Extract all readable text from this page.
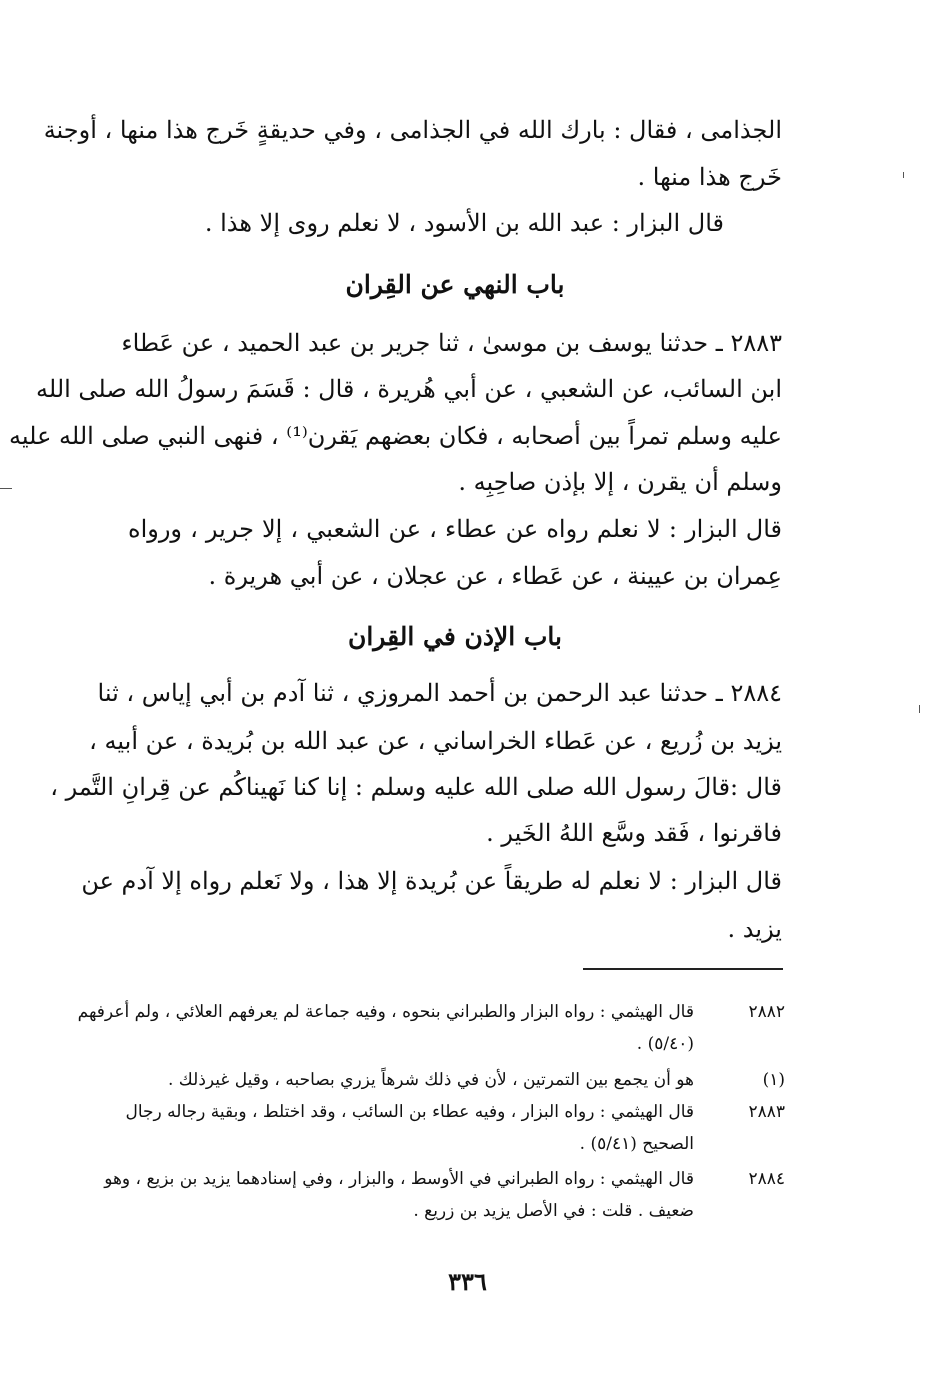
الجذامى ، فقال : بارك الله في الجذامى ، وفي حديقةٍ خَرج هذا منها ، أوجنة
خَرج هذا منها .
قال البزار : عبد الله بن الأسود ، لا نعلم روى إلا هذا .
باب النهي عن القِران
٢٨٨٣ ـ حدثنا يوسف بن موسىٰ ، ثنا جرير بن عبد الحميد ، عن عَطاء
ابن السائب، عن الشعبي ، عن أبي هُريرة ، قال : قَسَمَ رسولُ الله صلى الله
عليه وسلم تمراً بين أصحابه ، فكان بعضهم يَقرن⁽¹⁾ ، فنهى النبي صلى الله عليه
وسلم أن يقرن ، إلا بإذن صاحِبِه .
قال البزار : لا نعلم رواه عن عطاء ، عن الشعبي ، إلا جرير ، ورواه
عِمران بن عيينة ، عن عَطاء ، عن عجلان ، عن أبي هريرة .
باب الإذن في القِران
٢٨٨٤ ـ حدثنا عبد الرحمن بن أحمد المروزي ، ثنا آدم بن أبي إياس ، ثنا
يزيد بن زُريع ، عن عَطاء الخراساني ، عن عبد الله بن بُريدة ، عن أبيه ،
قال :قالَ رسول الله صلى الله عليه وسلم : إنا كنا نَهيناكُم عن قِرانِ التَّمر ،
فاقرنوا ، فَقد وسَّع اللهُ الخَير .
قال البزار : لا نعلم له طريقاً عن بُريدة إلا هذا ، ولا نَعلم رواه إلا آدم عن
يزيد .
٢٨٨٢
قال الهيثمي : رواه البزار والطبراني بنحوه ، وفيه جماعة لم يعرفهم العلائي ، ولم أعرفهم
(٥/٤٠) .
(١)
هو أن يجمع بين التمرتين ، لأن في ذلك شرهاً يزري بصاحبه ، وقيل غيرذلك .
٢٨٨٣
قال الهيثمي : رواه البزار ، وفيه عطاء بن السائب ، وقد اختلط ، وبقية رجاله رجال
الصحيح (٥/٤١) .
٢٨٨٤
قال الهيثمي : رواه الطبراني في الأوسط ، والبزار ، وفي إسنادهما يزيد بن بزيع ، وهو
ضعيف . قلت : في الأصل يزيد بن زريع .
٣٣٦
